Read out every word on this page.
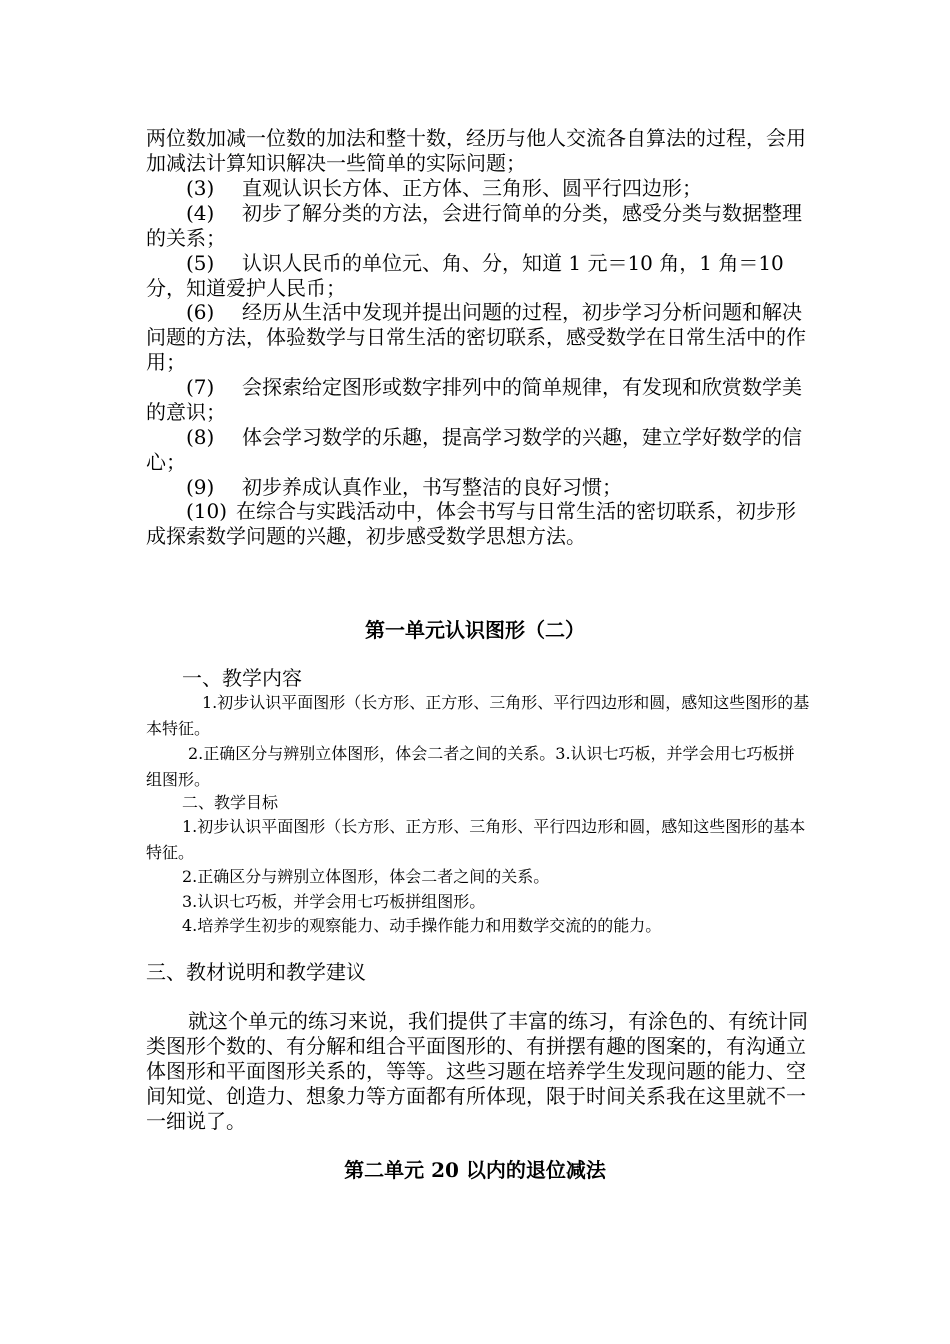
两位数加减一位数的加法和整十数，经历与他人交流各自算法的过程，会用加减法计算知识解决一些简单的实际问题；
(3) 直观认识长方体、正方体、三角形、圆平行四边形；
(4) 初步了解分类的方法，会进行简单的分类，感受分类与数据整理的关系；
(5) 认识人民币的单位元、角、分，知道 1 元＝10 角，1 角＝10 分，知道爱护人民币；
(6) 经历从生活中发现并提出问题的过程，初步学习分析问题和解决问题的方法，体验数学与日常生活的密切联系，感受数学在日常生活中的作用；
(7) 会探索给定图形或数字排列中的简单规律，有发现和欣赏数学美的意识；
(8) 体会学习数学的乐趣，提高学习数学的兴趣，建立学好数学的信心；
(9) 初步养成认真作业，书写整洁的良好习惯；
(10) 在综合与实践活动中，体会书写与日常生活的密切联系，初步形成探索数学问题的兴趣，初步感受数学思想方法。
第一单元认识图形（二）
一、教学内容
1.初步认识平面图形（长方形、正方形、三角形、平行四边形和圆，感知这些图形的基本特征。
2.正确区分与辨别立体图形，体会二者之间的关系。3.认识七巧板，并学会用七巧板拼组图形。
二、教学目标
1.初步认识平面图形（长方形、正方形、三角形、平行四边形和圆，感知这些图形的基本特征。
2.正确区分与辨别立体图形，体会二者之间的关系。
3.认识七巧板，并学会用七巧板拼组图形。
4.培养学生初步的观察能力、动手操作能力和用数学交流的的能力。
三、教材说明和教学建议
就这个单元的练习来说，我们提供了丰富的练习，有涂色的、有统计同类图形个数的、有分解和组合平面图形的、有拼摆有趣的图案的，有沟通立体图形和平面图形关系的，等等。这些习题在培养学生发现问题的能力、空间知觉、创造力、想象力等方面都有所体现，限于时间关系我在这里就不一一细说了。
第二单元 20 以内的退位减法
